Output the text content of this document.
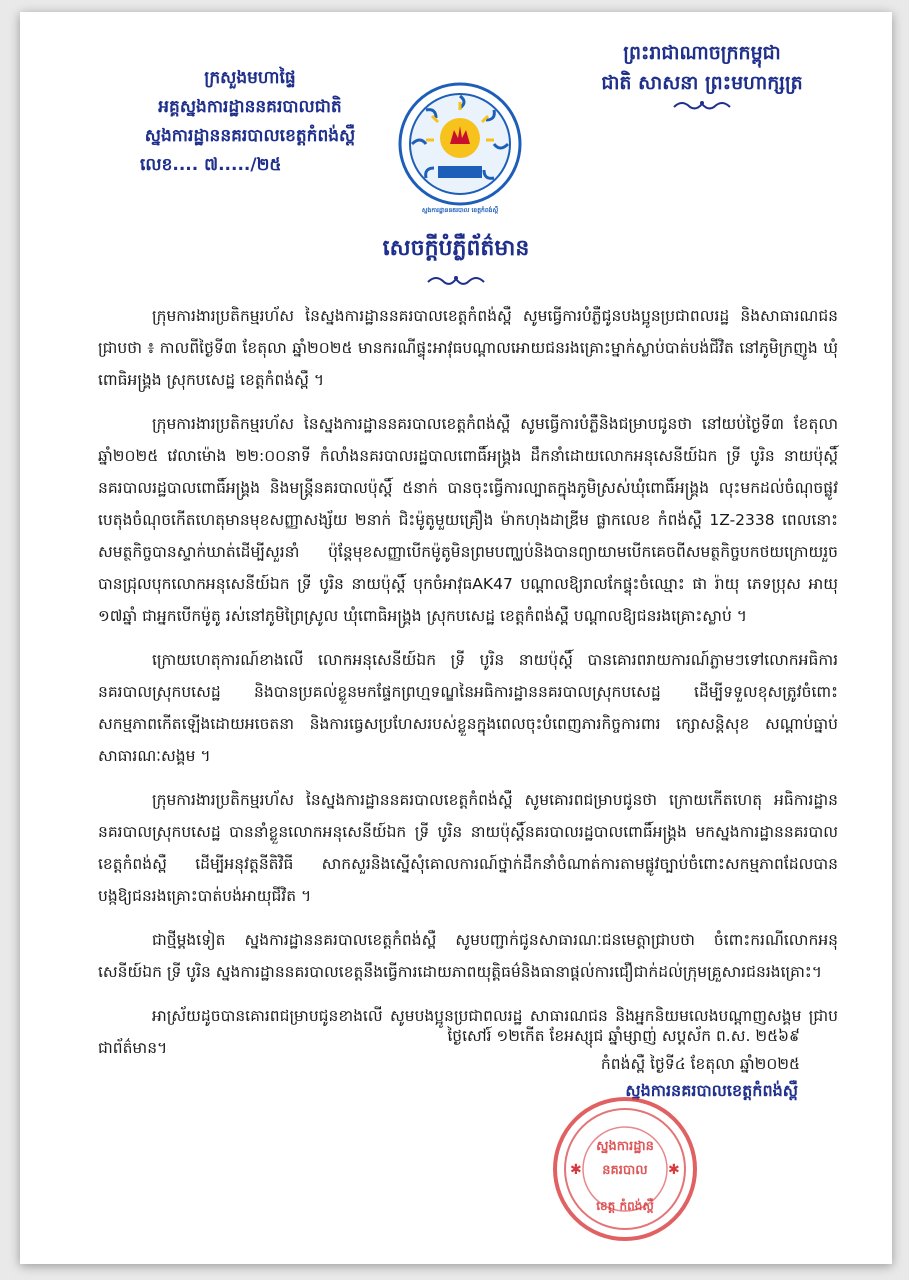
ព្រះរាជាណាចក្រកម្ពុជា
ជាតិ សាសនា ព្រះមហាក្សត្រ
ក្រសួងមហាផ្ទៃ
អគ្គស្នងការដ្ឋាននគរបាលជាតិ
ស្នងការដ្ឋាននគរបាលខេត្តកំពង់ស្ពឺ
លេខ.... ៧...../២៥
ស្នងការដ្ឋាននគរបាល ខេត្តកំពង់ស្ពឺ
សេចក្ដីបំភ្លឺព័ត៌មាន

ក្រុមការងារប្រតិកម្មរហ័ស នៃស្នងការដ្ឋាននគរបាលខេត្តកំពង់ស្ពឺ សូមធ្វើការបំភ្លឺជូនបងប្អូនប្រជាពលរដ្ឋ និងសាធារណជន ជ្រាបថា ៖ កាលពីថ្ងៃទី៣ ខែតុលា ឆ្នាំ២០២៥ មានករណីផ្ទុះអាវុធបណ្ដាលអោយជនរងគ្រោះម្នាក់ស្លាប់បាត់បង់ជីវិត នៅភូមិក្រញូង ឃុំពោធិអង្គ្រង ស្រុកបសេដ្ឋ ខេត្តកំពង់ស្ពឺ ។

ក្រុមការងារប្រតិកម្មរហ័ស នៃស្នងការដ្ឋាននគរបាលខេត្តកំពង់ស្ពឺ សូមធ្វើការបំភ្លឺនិងជម្រាបជូនថា នៅយប់ថ្ងៃទី៣ ខែតុលា ឆ្នាំ២០២៥ វេលាម៉ោង ២២:០០នាទី កំលាំងនគរបាលរដ្ឋបាលពោធិ៍អង្គ្រង ដឹកនាំដោយលោកអនុសេនីយ៍ឯក ទ្រី បូរិន នាយប៉ុស្ដិ៍នគរបាលរដ្ឋបាលពោធិ៍អង្គ្រង និងមន្ត្រីនគរបាលប៉ុស្ដិ៍ ៥នាក់ បានចុះធ្វើការល្បាតក្នុងភូមិស្រស់ឃុំពោធិ៍អង្គ្រង លុះមកដល់ចំណុចផ្លូវបេតុងចំណុចកើតហេតុមានមុខសញ្ញាសង្ស័យ ២នាក់ ជិះម៉ូតូមួយគ្រឿង ម៉ាកហុងដាឌ្រីម ផ្លាកលេខ កំពង់ស្ពឺ 1Z-2338 ពេលនោះសមត្ថកិច្ចបានស្ទាក់ឃាត់ដើម្បីសួរនាំ ប៉ុន្តែមុខសញ្ញាបើកម៉ូតូមិនព្រមបញ្ឈប់និងបានព្យាយាមបើកគេចពីសមត្ថកិច្ចបកថយក្រោយរួចបានជ្រុលបុកលោកអនុសេនីយ៍ឯក ទ្រី បូរិន នាយប៉ុស្ដិ៍ បុកចំអាវុធAK47 បណ្ដាលឱ្យរាលកែផ្ទុះចំឈ្មោះ ផា រ៉ាយុ ភេទប្រុស អាយុ ១៧ឆ្នាំ ជាអ្នកបើកម៉ូតូ រស់នៅភូមិព្រៃស្រូល ឃុំពោធិអង្គ្រង ស្រុកបសេដ្ឋ ខេត្តកំពង់ស្ពឺ បណ្ដាលឱ្យជនរងគ្រោះស្លាប់ ។

ក្រោយហេតុការណ៍ខាងលើ លោកអនុសេនីយ៍ឯក ទ្រី បូរិន នាយប៉ុស្ដិ៍ បានគោរពរាយការណ៍ភ្លាមៗទៅលោកអធិការនគរបាលស្រុកបសេដ្ឋ និងបានប្រគល់ខ្លួនមកផ្ទែកព្រហ្មទណ្ឌនៃអធិការដ្ឋាននគរបាលស្រុកបសេដ្ឋ ដើម្បីទទួលខុសត្រូវចំពោះសកម្មភាពកើតឡើងដោយអចេតនា និងការធ្វេសប្រហែសរបស់ខ្លួនក្នុងពេលចុះបំពេញភារកិច្ចការពារ ក្សោសន្តិសុខ សណ្ដាប់ធ្នាប់សាធារណៈសង្គម ។

ក្រុមការងារប្រតិកម្មរហ័ស នៃស្នងការដ្ឋាននគរបាលខេត្តកំពង់ស្ពឺ សូមគោរពជម្រាបជូនថា ក្រោយកើតហេតុ អធិការដ្ឋាននគរបាលស្រុកបសេដ្ឋ បាននាំខ្លួនលោកអនុសេនីយ៍ឯក ទ្រី បូរិន នាយប៉ុស្ដិ៍នគរបាលរដ្ឋបាលពោធិ៍អង្គ្រង មកស្នងការដ្ឋាននគរបាលខេត្តកំពង់ស្ពឺ ដើម្បីអនុវត្តនីតិវិធី សាកសួរនិងស្នើសុំគោលការណ៍ថ្នាក់ដឹកនាំចំណាត់ការតាមផ្លូវច្បាប់ចំពោះសកម្មភាពដែលបានបង្កឱ្យជនរងគ្រោះបាត់បង់អាយុជីវិត ។

ជាថ្មីម្ដងទៀត ស្នងការដ្ឋាននគរបាលខេត្តកំពង់ស្ពឺ សូមបញ្ជាក់ជូនសាធារណៈជនមេត្តាជ្រាបថា ចំពោះករណីលោកអនុសេនីយ៍ឯក ទ្រី បូរិន ស្នងការដ្ឋាននគរបាលខេត្តនឹងធ្វើការដោយភាពយុត្តិធម៌និងធានាផ្ដល់ការជឿជាក់ដល់ក្រុមគ្រួសារជនរងគ្រោះ។

អាស្រ័យដូចបានគោរពជម្រាបជូនខាងលើ សូមបងប្អូនប្រជាពលរដ្ឋ សាធារណជន និងអ្នកនិយមលេងបណ្ដាញសង្គម ជ្រាបជាព័ត៌មាន។

ថ្ងៃសៅរ៍ ១២កើត ខែអស្សុជ ឆ្នាំម្សាញ់ សប្តស័ក ព.ស. ២៥៦៩
កំពង់ស្ពឺ ថ្ងៃទី៤ ខែតុលា ឆ្នាំ២០២៥
ស្នងការនគរបាលខេត្តកំពង់ស្ពឺ
✱	✱
ស្នងការដ្ឋាន
នគរបាល
ខេត្ត កំពង់ស្ពឺ
